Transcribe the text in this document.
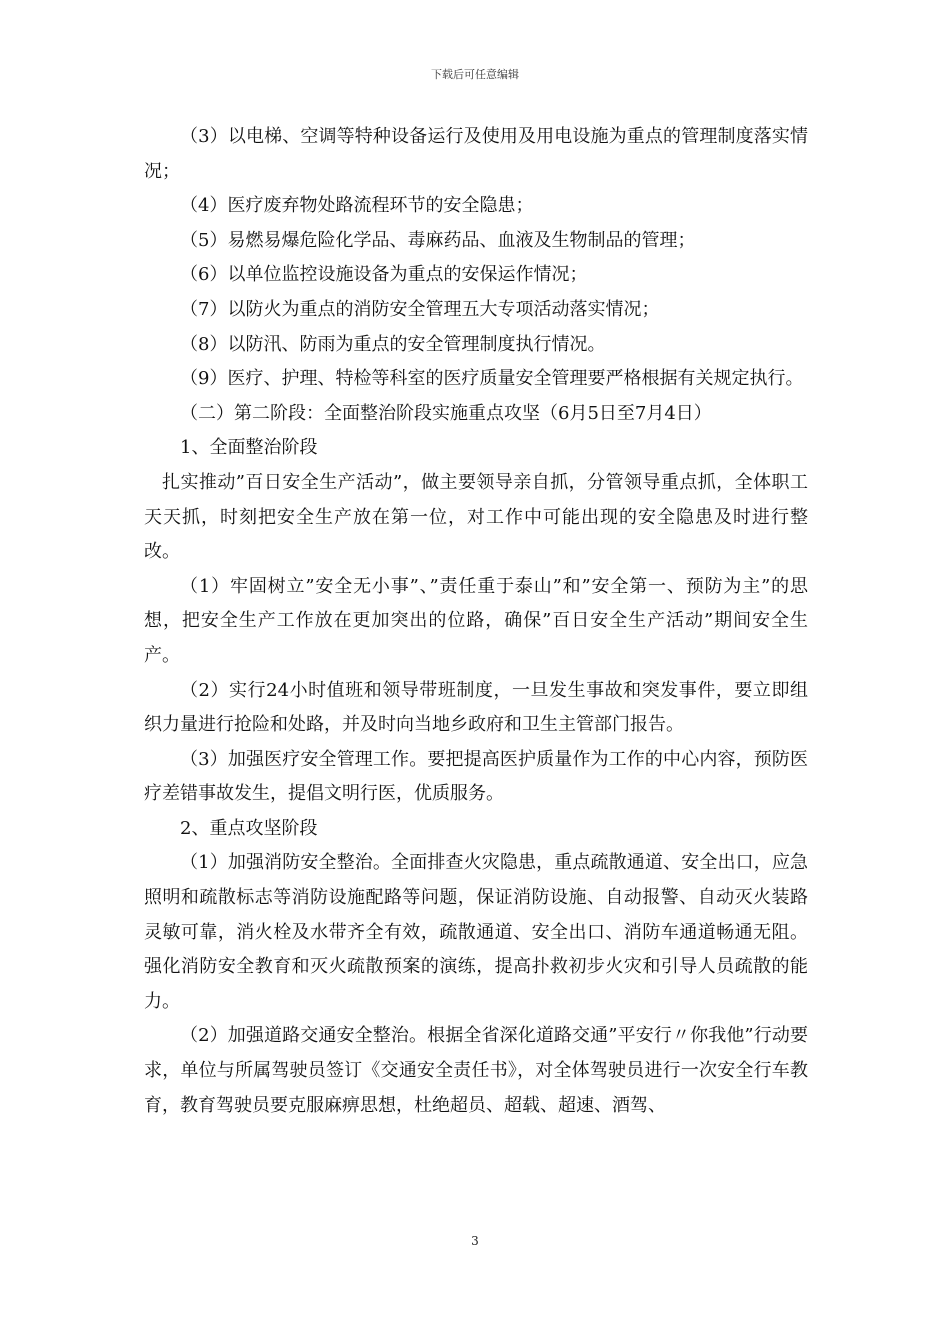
下载后可任意编辑

（3）以电梯、空调等特种设备运行及使用及用电设施为重点的管理制度落实情况；

（4）医疗废弃物处路流程环节的安全隐患；

（5）易燃易爆危险化学品、毒麻药品、血液及生物制品的管理；

（6）以单位监控设施设备为重点的安保运作情况；

（7）以防火为重点的消防安全管理五大专项活动落实情况；

（8）以防汛、防雨为重点的安全管理制度执行情况。

（9）医疗、护理、特检等科室的医疗质量安全管理要严格根据有关规定执行。

（二）第二阶段：全面整治阶段实施重点攻坚（6月5日至7月4日）

1、全面整治阶段

扎实推动”百日安全生产活动”，做主要领导亲自抓，分管领导重点抓，全体职工天天抓，时刻把安全生产放在第一位，对工作中可能出现的安全隐患及时进行整改。

（1）牢固树立”安全无小事”、”责任重于泰山”和”安全第一、预防为主”的思想，把安全生产工作放在更加突出的位路，确保”百日安全生产活动”期间安全生产。

（2）实行24小时值班和领导带班制度，一旦发生事故和突发事件，要立即组织力量进行抢险和处路，并及时向当地乡政府和卫生主管部门报告。

（3）加强医疗安全管理工作。要把提高医护质量作为工作的中心内容，预防医疗差错事故发生，提倡文明行医，优质服务。

2、重点攻坚阶段

（1）加强消防安全整治。全面排查火灾隐患，重点疏散通道、安全出口，应急照明和疏散标志等消防设施配路等问题，保证消防设施、自动报警、自动灭火装路灵敏可靠，消火栓及水带齐全有效，疏散通道、安全出口、消防车通道畅通无阻。强化消防安全教育和灭火疏散预案的演练，提高扑救初步火灾和引导人员疏散的能力。

（2）加强道路交通安全整治。根据全省深化道路交通”平安行〃你我他”行动要求，单位与所属驾驶员签订《交通安全责任书》，对全体驾驶员进行一次安全行车教育，教育驾驶员要克服麻痹思想，杜绝超员、超载、超速、酒驾、

3
